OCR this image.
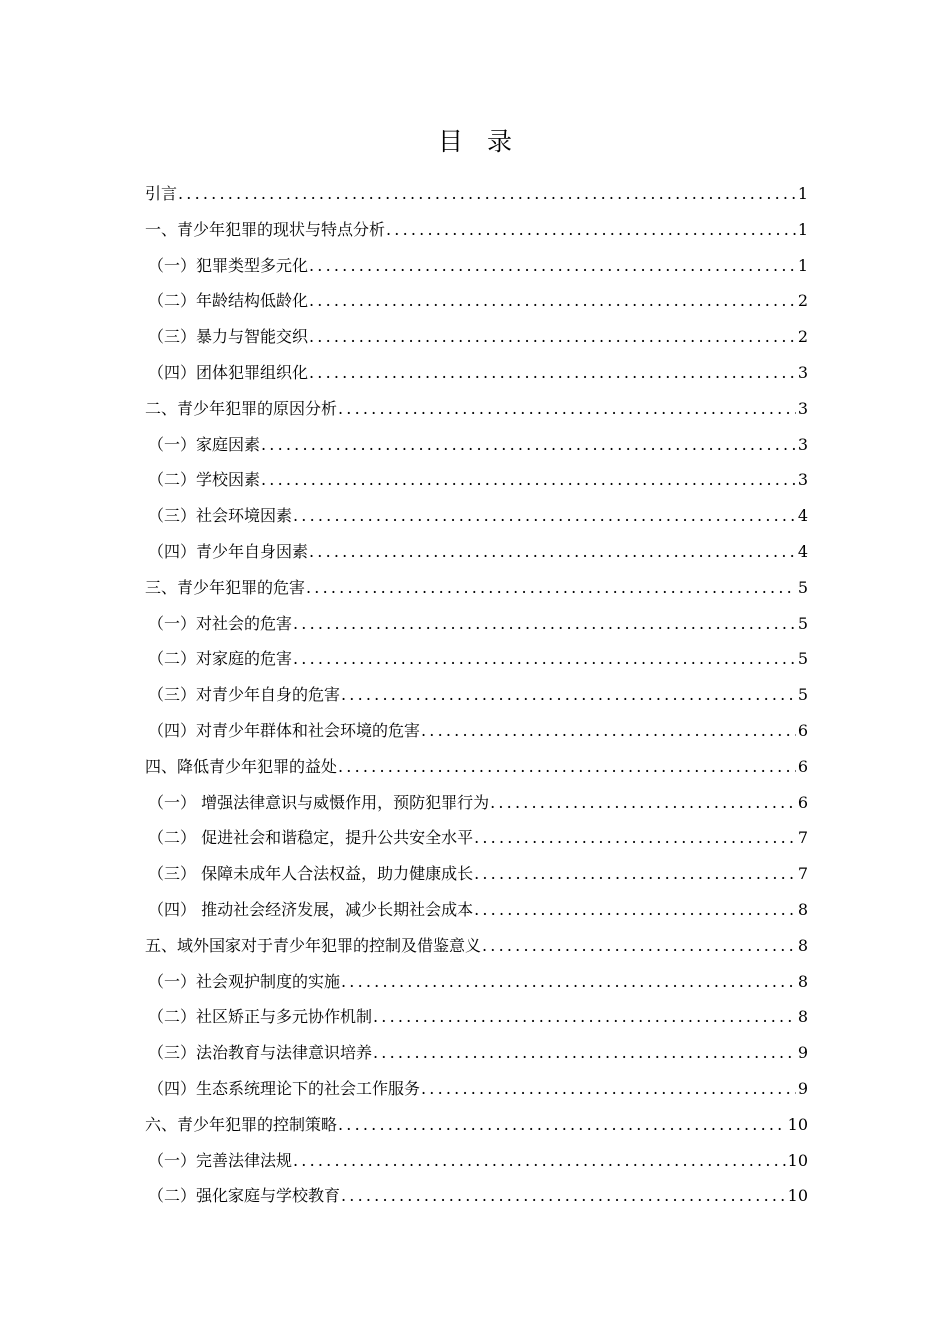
目 录
引言 .....	1
一、青少年犯罪的现状与特点分析 .....	1
（一）犯罪类型多元化 .....	1
（二）年龄结构低龄化 .....	2
（三）暴力与智能交织 .....	2
（四）团体犯罪组织化 .....	3
二、青少年犯罪的原因分析 .....	3
（一）家庭因素 .....	3
（二）学校因素 .....	3
（三）社会环境因素 .....	4
（四）青少年自身因素 .....	4
三、青少年犯罪的危害 .....	5
（一）对社会的危害 .....	5
（二）对家庭的危害 .....	5
（三）对青少年自身的危害 .....	5
（四）对青少年群体和社会环境的危害 .....	6
四、降低青少年犯罪的益处 .....	6
（一） 增强法律意识与威慑作用，预防犯罪行为 .....	6
（二） 促进社会和谐稳定，提升公共安全水平 .....	7
（三） 保障未成年人合法权益，助力健康成长 .....	7
（四） 推动社会经济发展，减少长期社会成本 .....	8
五、域外国家对于青少年犯罪的控制及借鉴意义 .....	8
（一）社会观护制度的实施 .....	8
（二）社区矫正与多元协作机制 .....	8
（三）法治教育与法律意识培养 .....	9
（四）生态系统理论下的社会工作服务 .....	9
六、青少年犯罪的控制策略 .....	10
（一）完善法律法规 .....	10
（二）强化家庭与学校教育 .....	10
